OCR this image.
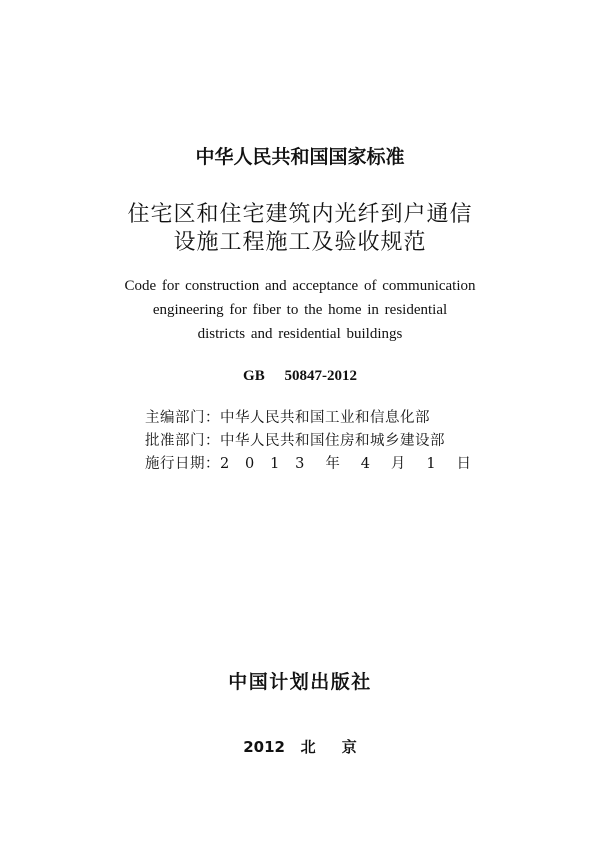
中华人民共和国国家标准
住宅区和住宅建筑内光纤到户通信
设施工程施工及验收规范
Code for construction and acceptance of communication
engineering for fiber to the home in residential
districts and residential buildings
GB 50847-2012
主编部门：中华人民共和国工业和信息化部
批准部门：中华人民共和国住房和城乡建设部
施行日期：2   0   1   3    年    4    月    1    日
中国计划出版社
2012   北     京
